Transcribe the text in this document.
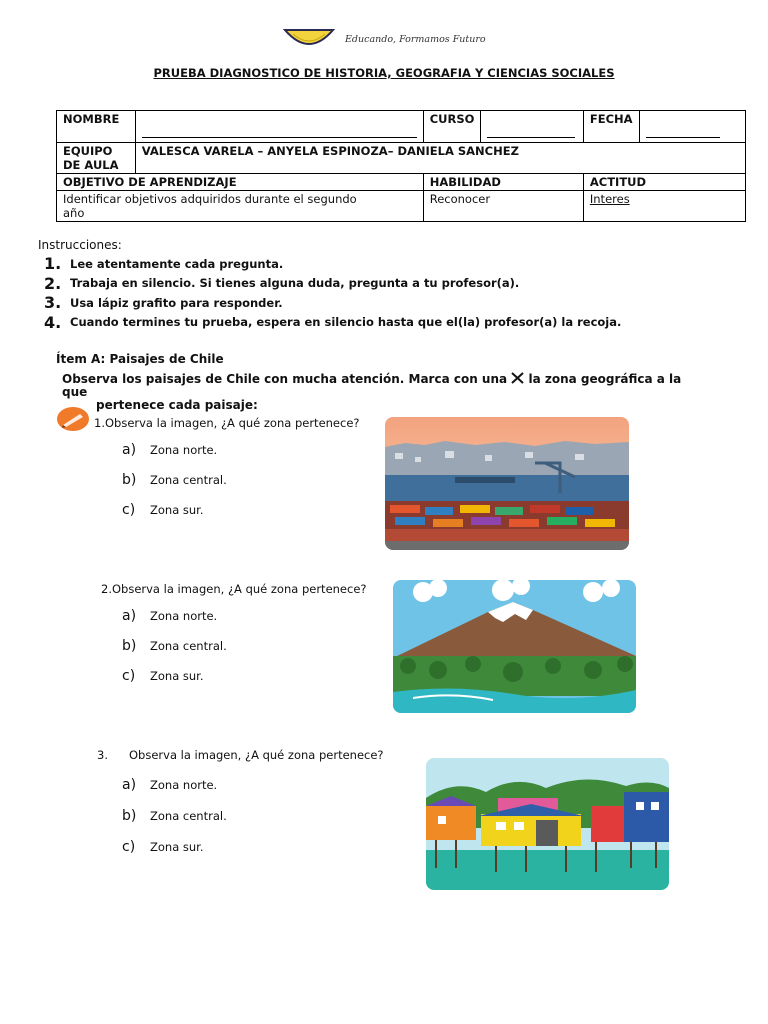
Educando, Formamos Futuro
PRUEBA DIAGNOSTICO DE HISTORIA, GEOGRAFIA Y CIENCIAS SOCIALES
NOMBRE		CURSO		FECHA	
EQUIPO DE AULA	VALESCA VARELA – ANYELA ESPINOZA– DANIELA SANCHEZ				
OBJETIVO DE APRENDIZAJE		HABILIDAD		ACTITUD	
Identificar objetivos adquiridos durante el segundo año		Reconocer		Interes	
Instrucciones:
1. Lee atentamente cada pregunta.
2. Trabaja en silencio. Si tienes alguna duda, pregunta a tu profesor(a).
3. Usa lápiz grafito para responder.
4. Cuando termines tu prueba, espera en silencio hasta que el(la) profesor(a) la recoja.
Ítem A: Paisajes de Chile
Observa los paisajes de Chile con mucha atención. Marca con una la zona geográfica a la que
pertenece cada paisaje:
1.Observa la imagen, ¿A qué zona pertenece?
a)	Zona norte.
b)	Zona central.
c)	Zona sur.
2.Observa la imagen, ¿A qué zona pertenece?
a)	Zona norte.
b)	Zona central.
c)	Zona sur.
3.	Observa la imagen, ¿A qué zona pertenece?
a)	Zona norte.
b)	Zona central.
c)	Zona sur.
